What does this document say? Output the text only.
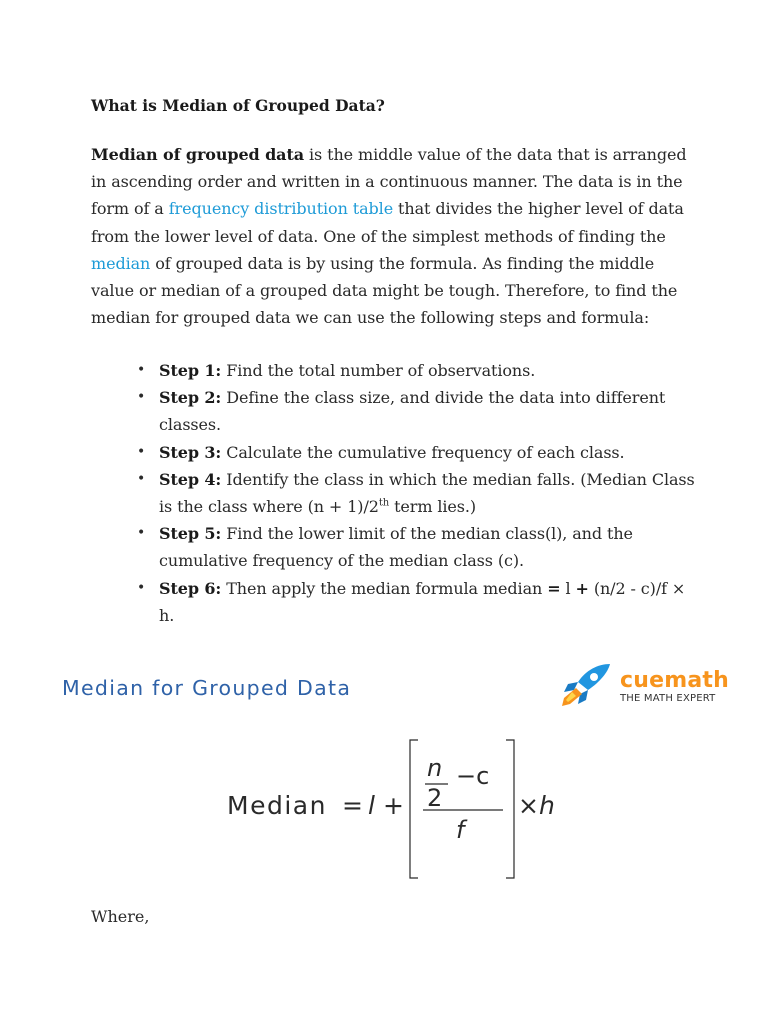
What is Median of Grouped Data?
Median of grouped data is the middle value of the data that is arranged in ascending order and written in a continuous manner. The data is in the form of a frequency distribution table that divides the higher level of data from the lower level of data. One of the simplest methods of finding the median of grouped data is by using the formula. As finding the middle value or median of a grouped data might be tough. Therefore, to find the median for grouped data we can use the following steps and formula:
• Step 1: Find the total number of observations.
• Step 2: Define the class size, and divide the data into different classes.
• Step 3: Calculate the cumulative frequency of each class.
• Step 4: Identify the class in which the median falls. (Median Class is the class where (n + 1)/2th term lies.)
• Step 5: Find the lower limit of the median class(l), and the cumulative frequency of the median class (c).
• Step 6: Then apply the median formula median = l + (n/2 - c)/f × h.
Median for Grouped Data	cuemath
THE MATH EXPERT
Median = l +
n
2
−c
f
×h
Where,
